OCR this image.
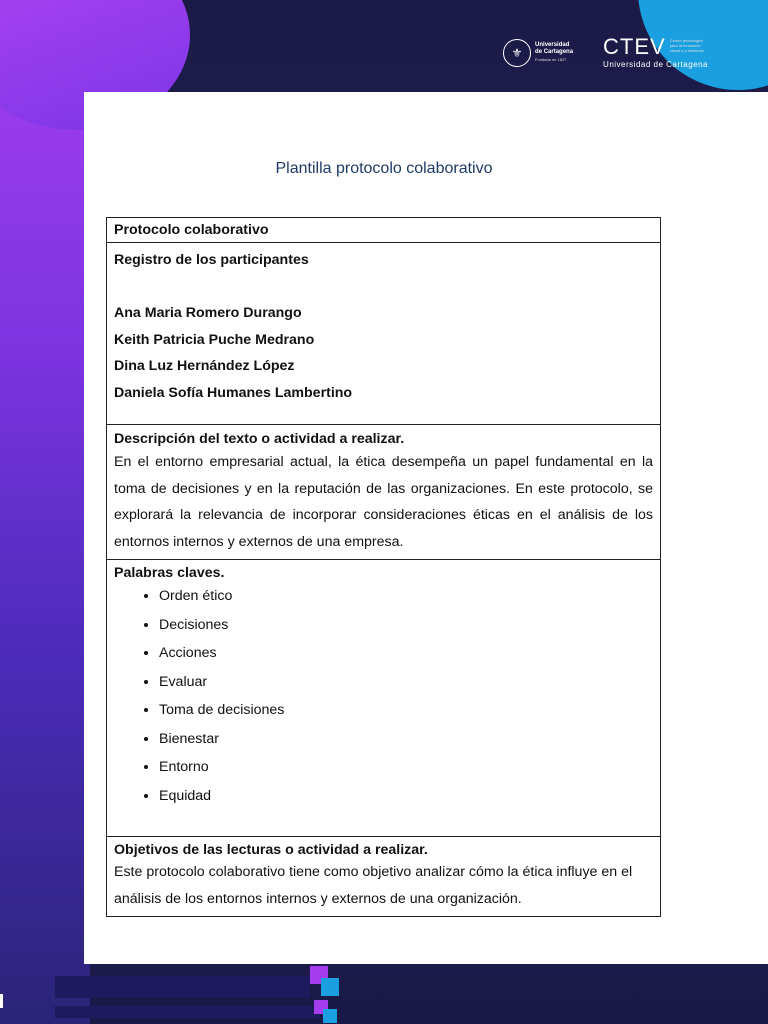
⚜
Universidad de Cartagena
Fundada en 1827
CTEV Centro tecnológico para la formación virtual y a distancia
Universidad de Cartagena
Plantilla protocolo colaborativo
Protocolo colaborativo

Registro de los participantes

Ana Maria Romero Durango
Keith Patricia Puche Medrano
Dina Luz Hernández López
Daniela Sofía Humanes Lambertino

Descripción del texto o actividad a realizar.
En el entorno empresarial actual, la ética desempeña un papel fundamental en la toma de decisiones y en la reputación de las organizaciones. En este protocolo, se explorará la relevancia de incorporar consideraciones éticas en el análisis de los entornos internos y externos de una empresa.

Palabras claves.
• Orden ético
• Decisiones
• Acciones
• Evaluar
• Toma de decisiones
• Bienestar
• Entorno
• Equidad

Objetivos de las lecturas o actividad a realizar.
Este protocolo colaborativo tiene como objetivo analizar cómo la ética influye en el análisis de los entornos internos y externos de una organización.
